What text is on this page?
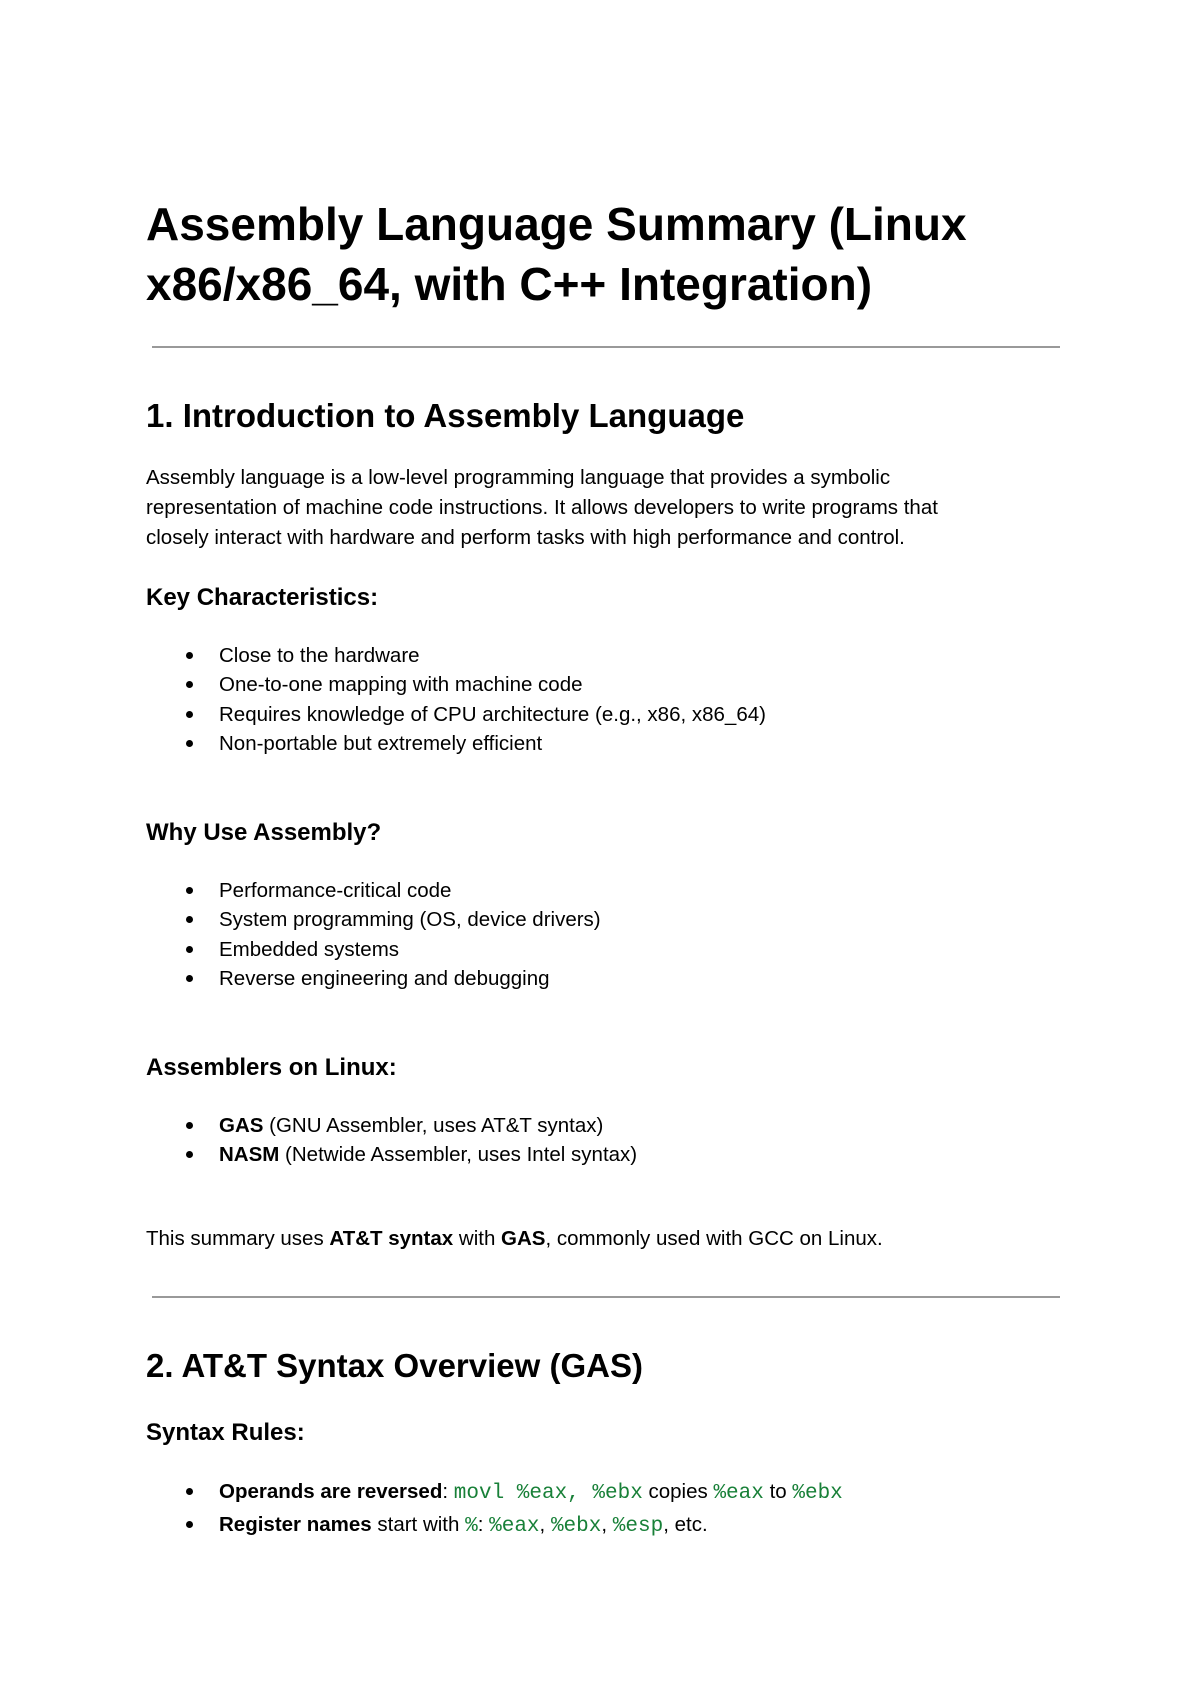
Assembly Language Summary (Linux
x86/x86_64, with C++ Integration)
1. Introduction to Assembly Language
Assembly language is a low-level programming language that provides a symbolic
representation of machine code instructions. It allows developers to write programs that
closely interact with hardware and perform tasks with high performance and control.
Key Characteristics:
Close to the hardware
One-to-one mapping with machine code
Requires knowledge of CPU architecture (e.g., x86, x86_64)
Non-portable but extremely efficient
Why Use Assembly?
Performance-critical code
System programming (OS, device drivers)
Embedded systems
Reverse engineering and debugging
Assemblers on Linux:
GAS (GNU Assembler, uses AT&T syntax)
NASM (Netwide Assembler, uses Intel syntax)
This summary uses AT&T syntax with GAS, commonly used with GCC on Linux.
2. AT&T Syntax Overview (GAS)
Syntax Rules:
Operands are reversed: movl %eax, %ebx copies %eax to %ebx
Register names start with %: %eax, %ebx, %esp, etc.
